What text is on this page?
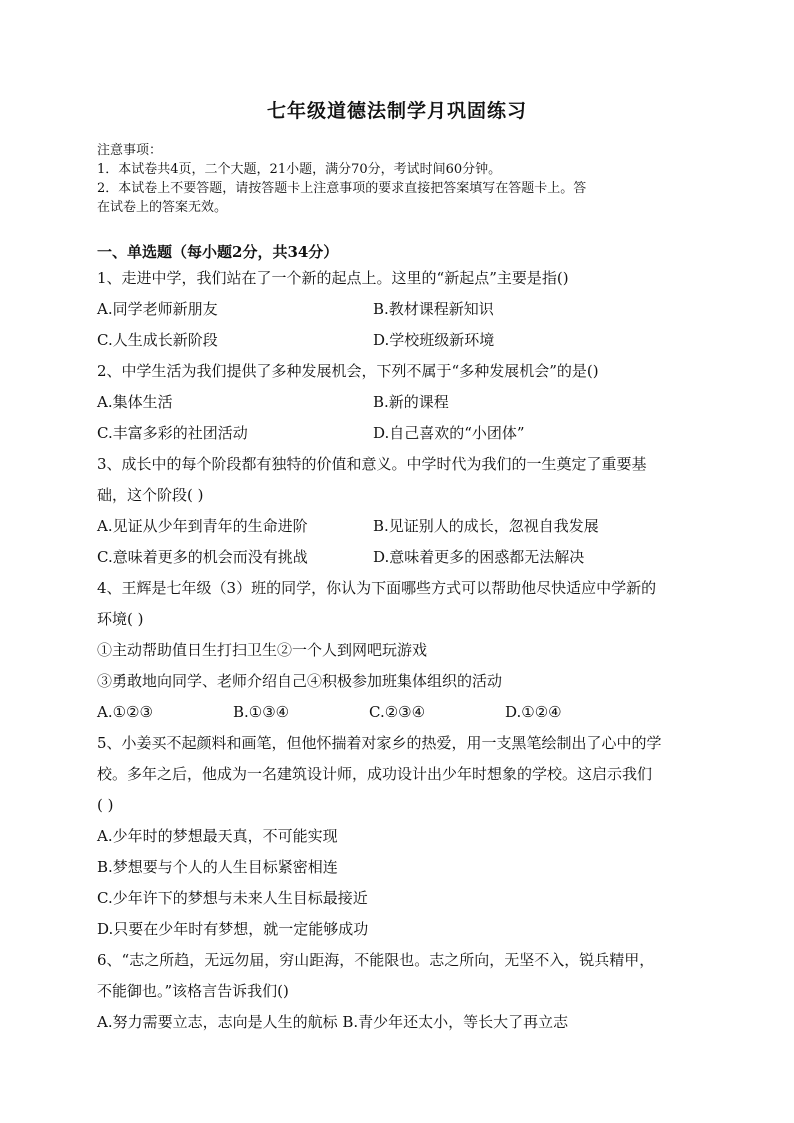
七年级道德法制学月巩固练习
注意事项：
1．本试卷共4页，二个大题，21小题，满分70分，考试时间60分钟。
2．本试卷上不要答题，请按答题卡上注意事项的要求直接把答案填写在答题卡上。答
在试卷上的答案无效。
一、单选题（每小题2分，共34分）
1、走进中学，我们站在了一个新的起点上。这里的“新起点”主要是指()
A.同学老师新朋友	B.教材课程新知识
C.人生成长新阶段	D.学校班级新环境
2、中学生活为我们提供了多种发展机会，下列不属于“多种发展机会”的是()
A.集体生活	B.新的课程
C.丰富多彩的社团活动	D.自己喜欢的“小团体”
3、成长中的每个阶段都有独特的价值和意义。中学时代为我们的一生奠定了重要基
础，这个阶段( )
A.见证从少年到青年的生命进阶	B.见证别人的成长，忽视自我发展
C.意味着更多的机会而没有挑战	D.意味着更多的困惑都无法解决
4、王辉是七年级（3）班的同学，你认为下面哪些方式可以帮助他尽快适应中学新的
环境( )
①主动帮助值日生打扫卫生②一个人到网吧玩游戏
③勇敢地向同学、老师介绍自己④积极参加班集体组织的活动
A.①②③	B.①③④	C.②③④	D.①②④
5、小姜买不起颜料和画笔，但他怀揣着对家乡的热爱，用一支黑笔绘制出了心中的学
校。多年之后，他成为一名建筑设计师，成功设计出少年时想象的学校。这启示我们
( )
A.少年时的梦想最天真，不可能实现
B.梦想要与个人的人生目标紧密相连
C.少年许下的梦想与未来人生目标最接近
D.只要在少年时有梦想，就一定能够成功
6、“志之所趋，无远勿届，穷山距海，不能限也。志之所向，无坚不入，锐兵精甲，
不能御也。”该格言告诉我们()
A.努力需要立志，志向是人生的航标 B.青少年还太小，等长大了再立志
